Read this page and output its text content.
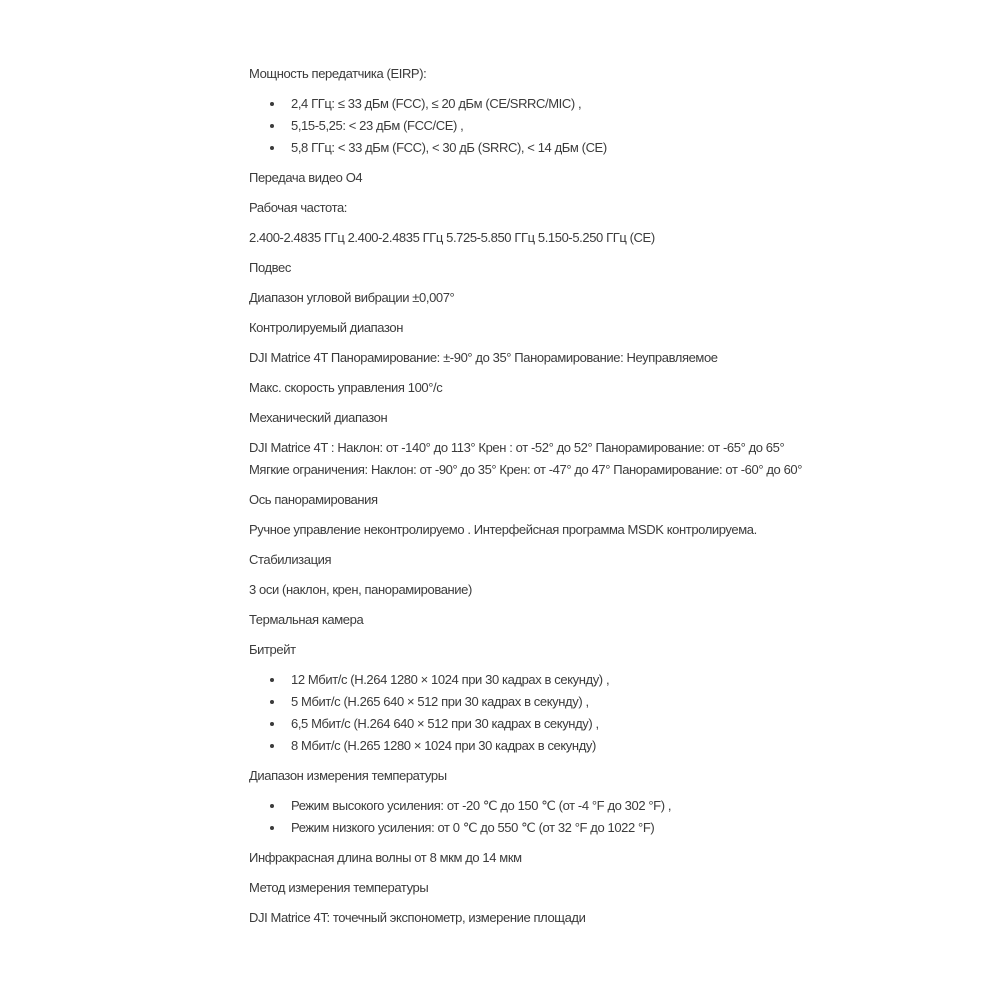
Мощность передатчика (EIRP):

2,4 ГГц: ≤ 33 дБм (FCC), ≤ 20 дБм (CE/SRRC/MIC) ,
5,15-5,25: < 23 дБм (FCC/CE) ,
5,8 ГГц: < 33 дБм (FCC), < 30 дБ (SRRC), < 14 дБм (CE)

Передача видео O4

Рабочая частота:

2.400-2.4835 ГГц 2.400-2.4835 ГГц 5.725-5.850 ГГц 5.150-5.250 ГГц (CE)

Подвес

Диапазон угловой вибрации ±0,007°

Контролируемый диапазон

DJI Matrice 4T Панорамирование: ±-90° до 35° Панорамирование: Неуправляемое

Макс. скорость управления 100°/с

Механический диапазон

DJI Matrice 4T : Наклон: от -140° до 113° Крен : от -52° до 52° Панорамирование: от -65° до 65°
Мягкие ограничения: Наклон: от -90° до 35° Крен: от -47° до 47° Панорамирование: от -60° до 60°

Ось панорамирования

Ручное управление неконтролируемо . Интерфейсная программа MSDK контролируема.

Стабилизация

3 оси (наклон, крен, панорамирование)

Термальная камера

Битрейт

12 Мбит/с (H.264 1280 × 1024 при 30 кадрах в секунду) ,
5 Мбит/с (H.265 640 × 512 при 30 кадрах в секунду) ,
6,5 Мбит/с (H.264 640 × 512 при 30 кадрах в секунду) ,
8 Мбит/с (H.265 1280 × 1024 при 30 кадрах в секунду)

Диапазон измерения температуры

Режим высокого усиления: от -20 ℃ до 150 ℃ (от -4 °F до 302 °F) ,
Режим низкого усиления: от 0 ℃ до 550 ℃ (от 32 °F до 1022 °F)

Инфракрасная длина волны от 8 мкм до 14 мкм

Метод измерения температуры

DJI Matrice 4T: точечный экспонометр, измерение площади
